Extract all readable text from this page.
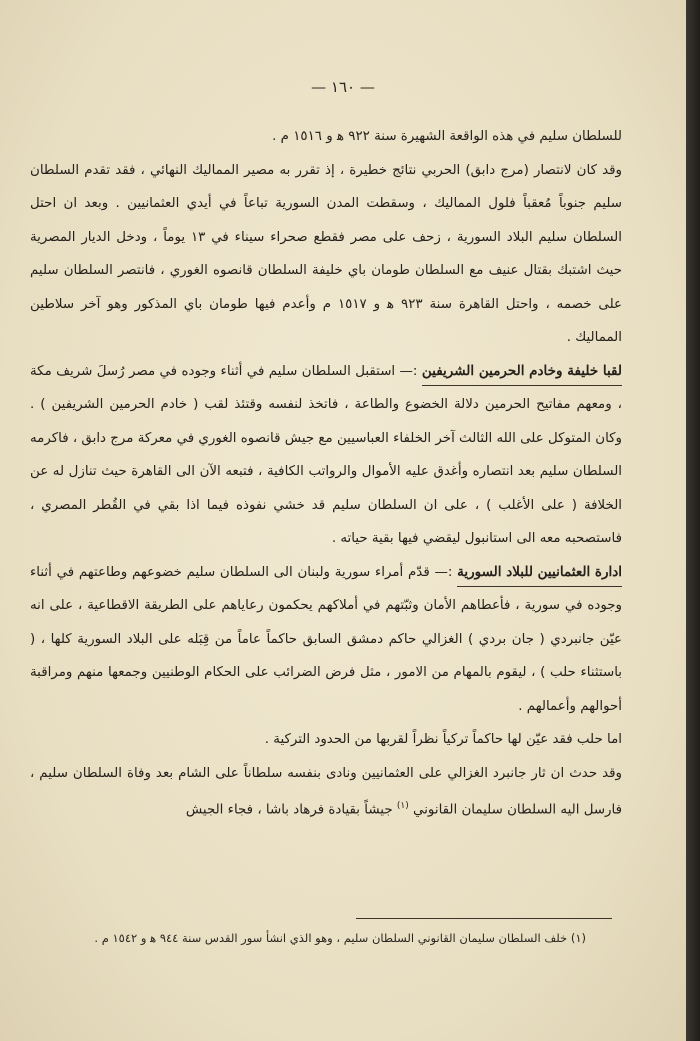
— ١٦٠ —

للسلطان سليم في هذه الواقعة الشهيرة سنة ٩٢٢ ﻫ و ١٥١٦ م .

وقد كان لانتصار (مرج دابق) الحربي نتائج خطيرة ، إذ تقرر به مصير المماليك النهائي ، فقد تقدم السلطان سليم جنوباً مُعقباً فلول المماليك ، وسقطت المدن السورية تباعاً في أيدي العثمانيين . وبعد ان احتل السلطان سليم البلاد السورية ، زحف على مصر فقطع صحراء سيناء في ١٣ يوماً ، ودخل الديار المصرية حيث اشتبك بقتال عنيف مع السلطان طومان باي خليفة السلطان قانصوه الغوري ، فانتصر السلطان سليم على خصمه ، واحتل القاهرة سنة ٩٢٣ ﻫ و ١٥١٧ م وأعدم فيها طومان باي المذكور وهو آخر سلاطين المماليك .

لقبا خليفة وخادم الحرمين الشريفين :— استقبل السلطان سليم في أثناء وجوده في مصر رُسلَ شريف مكة ، ومعهم مفاتيح الحرمين دلالة الخضوع والطاعة ، فاتخذ لنفسه وقتئذ لقب ( خادم الحرمين الشريفين ) . وكان المتوكل على الله الثالث آخر الخلفاء العباسيين مع جيش قانصوه الغوري في معركة مرج دابق ، فاكرمه السلطان سليم بعد انتصاره وأغدق عليه الأموال والرواتب الكافية ، فتبعه الآن الى القاهرة حيث تنازل له عن الخلافة ( على الأغلب ) ، على ان السلطان سليم قد خشي نفوذه فيما اذا بقي في القُطر المصري ، فاستصحبه معه الى استانبول ليقضي فيها بقية حياته .

ادارة العثمانيين للبلاد السورية :— قدّم أمراء سورية ولبنان الى السلطان سليم خضوعهم وطاعتهم في أثناء وجوده في سورية ، فأعطاهم الأمان وثبّتهم في أملاكهم يحكمون رعاياهم على الطريقة الاقطاعية ، على انه عيّن جانبردي ( جان بردي ) الغزالي حاكم دمشق السابق حاكماً عاماً من قِبَله على البلاد السورية كلها ، ( باستثناء حلب ) ، ليقوم بالمهام من الامور ، مثل فرض الضرائب على الحكام الوطنيين وجمعها منهم ومراقبة أحوالهم وأعمالهم .

اما حلب فقد عيّن لها حاكماً تركياً نظراً لقربها من الحدود التركية .

وقد حدث ان ثار جانبرد الغزالي على العثمانيين ونادى بنفسه سلطاناً على الشام بعد وفاة السلطان سليم ، فارسل اليه السلطان سليمان القانوني $^{(١)}$ جيشاً بقيادة فرهاد باشا ، فجاء الجيش

(١) خلف السلطان سليمان القانوني السلطان سليم ، وهو الذي انشأ سور القدس سنة ٩٤٤ ﻫ و ١٥٤٢ م .
